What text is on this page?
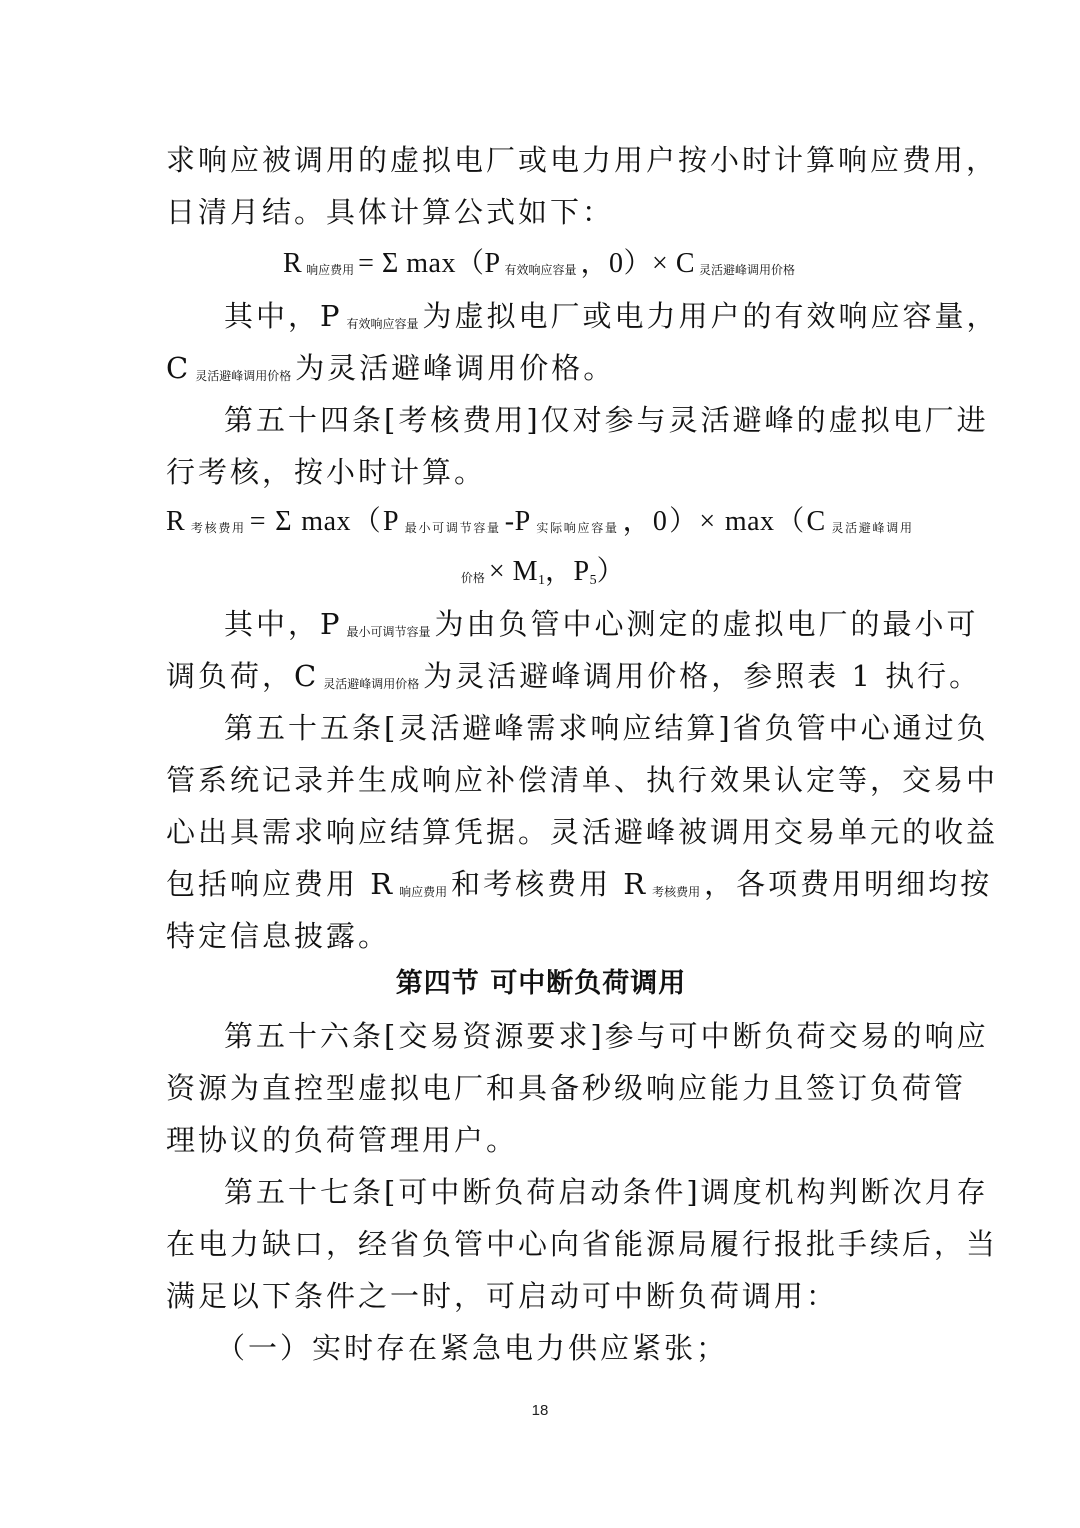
求响应被调用的虚拟电厂或电力用户按小时计算响应费用，
日清月结。具体计算公式如下：
R响应费用 = Σ max（P 有效响应容量 ，0）× C 灵活避峰调用价格
其中，P 有效响应容量 为虚拟电厂或电力用户的有效响应容量，
C灵活避峰调用价格 为灵活避峰调用价格。
第五十四条[考核费用]仅对参与灵活避峰的虚拟电厂进
行考核，按小时计算。
R考核费用 = Σ max（P 最小可调节容量 -P 实际响应容量 ，0）× max（C 灵活避峰调用
价格 × M1，P5）
其中，P 最小可调节容量 为由负管中心测定的虚拟电厂的最小可
调负荷，C 灵活避峰调用价格 为灵活避峰调用价格，参照表 1 执行。
第五十五条[灵活避峰需求响应结算]省负管中心通过负
管系统记录并生成响应补偿清单、执行效果认定等，交易中
心出具需求响应结算凭据。灵活避峰被调用交易单元的收益
包括响应费用 R 响应费用 和考核费用 R 考核费用 ，各项费用明细均按
特定信息披露。
第四节 可中断负荷调用
第五十六条[交易资源要求]参与可中断负荷交易的响应
资源为直控型虚拟电厂和具备秒级响应能力且签订负荷管
理协议的负荷管理用户。
第五十七条[可中断负荷启动条件]调度机构判断次月存
在电力缺口，经省负管中心向省能源局履行报批手续后，当
满足以下条件之一时，可启动可中断负荷调用：
（一）实时存在紧急电力供应紧张；
18
